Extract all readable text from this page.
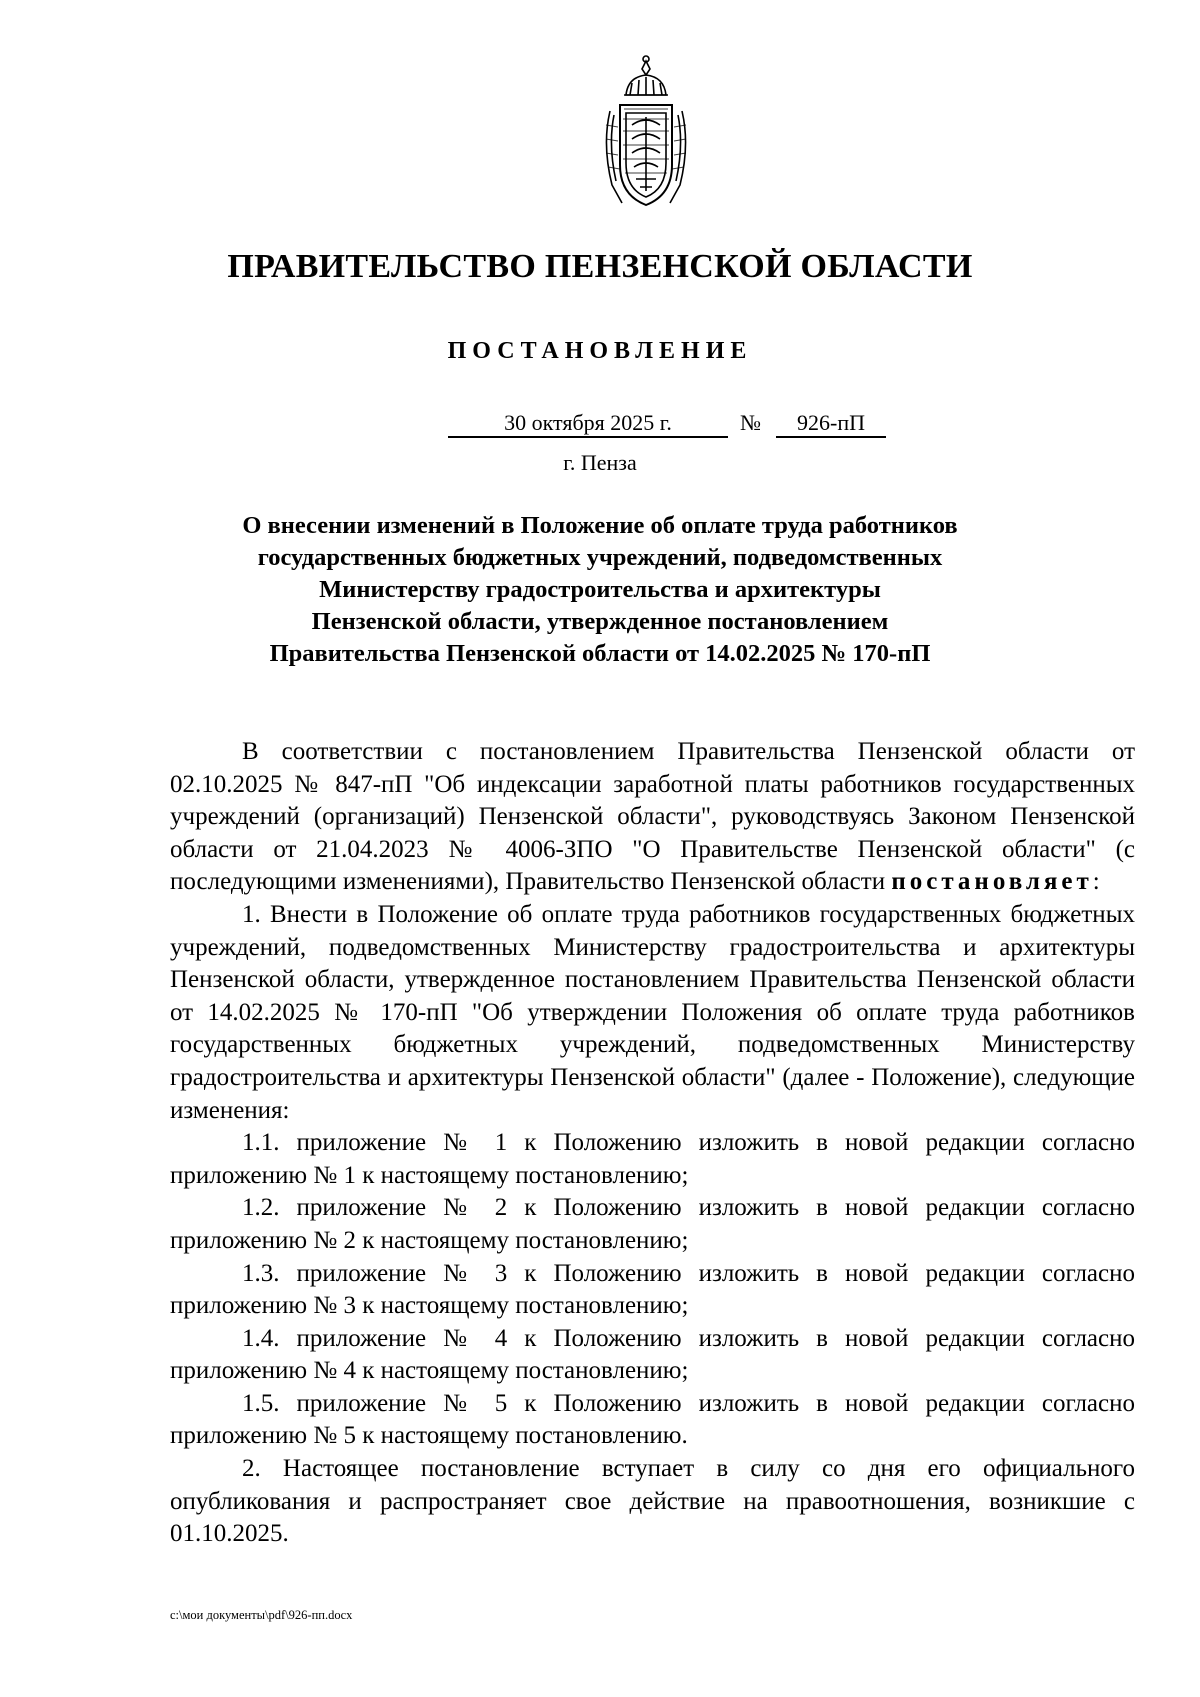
ПРАВИТЕЛЬСТВО ПЕНЗЕНСКОЙ ОБЛАСТИ
ПОСТАНОВЛЕНИЕ
30 октября 2025 г.	№	926-пП
г. Пенза
О внесении изменений в Положение об оплате труда работников
государственных бюджетных учреждений, подведомственных
Министерству градостроительства и архитектуры
Пензенской области, утвержденное постановлением
Правительства Пензенской области от 14.02.2025 № 170-пП

В соответствии с постановлением Правительства Пензенской области от 02.10.2025 № 847-пП "Об индексации заработной платы работников государственных учреждений (организаций) Пензенской области", руководствуясь Законом Пензенской области от 21.04.2023 № 4006-ЗПО "О Правительстве Пензенской области" (с последующими изменениями), Правительство Пензенской области постановляет:

1. Внести в Положение об оплате труда работников государственных бюджетных учреждений, подведомственных Министерству градостроительства и архитектуры Пензенской области, утвержденное постановлением Правительства Пензенской области от 14.02.2025 № 170-пП "Об утверждении Положения об оплате труда работников государственных бюджетных учреждений, подведомственных Министерству градостроительства и архитектуры Пензенской области" (далее - Положение), следующие изменения:

1.1. приложение № 1 к Положению изложить в новой редакции согласно приложению № 1 к настоящему постановлению;

1.2. приложение № 2 к Положению изложить в новой редакции согласно приложению № 2 к настоящему постановлению;

1.3. приложение № 3 к Положению изложить в новой редакции согласно приложению № 3 к настоящему постановлению;

1.4. приложение № 4 к Положению изложить в новой редакции согласно приложению № 4 к настоящему постановлению;

1.5. приложение № 5 к Положению изложить в новой редакции согласно приложению № 5 к настоящему постановлению.

2. Настоящее постановление вступает в силу со дня его официального опубликования и распространяет свое действие на правоотношения, возникшие с 01.10.2025.

c:\мои документы\pdf\926-пп.docx
